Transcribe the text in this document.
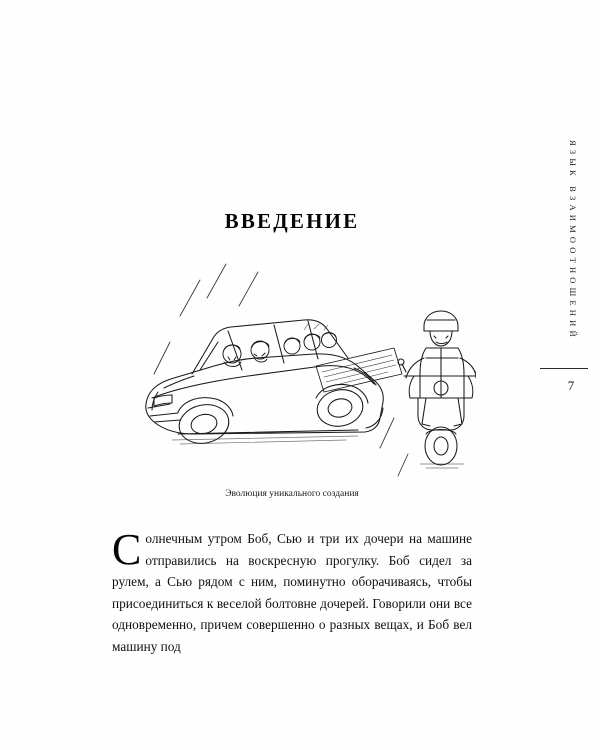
ЯЗЫК ВЗАИМООТНОШЕНИЙ
7
ВВЕДЕНИЕ
Эволюция уникального создания
Солнечным утром Боб, Сью и три их дочери на машине отправились на воскресную прогулку. Боб сидел за рулем, а Сью рядом с ним, поминутно оборачиваясь, чтобы присоединиться к веселой болтовне дочерей. Говорили они все одновременно, причем совершенно о разных вещах, и Боб вел машину под
